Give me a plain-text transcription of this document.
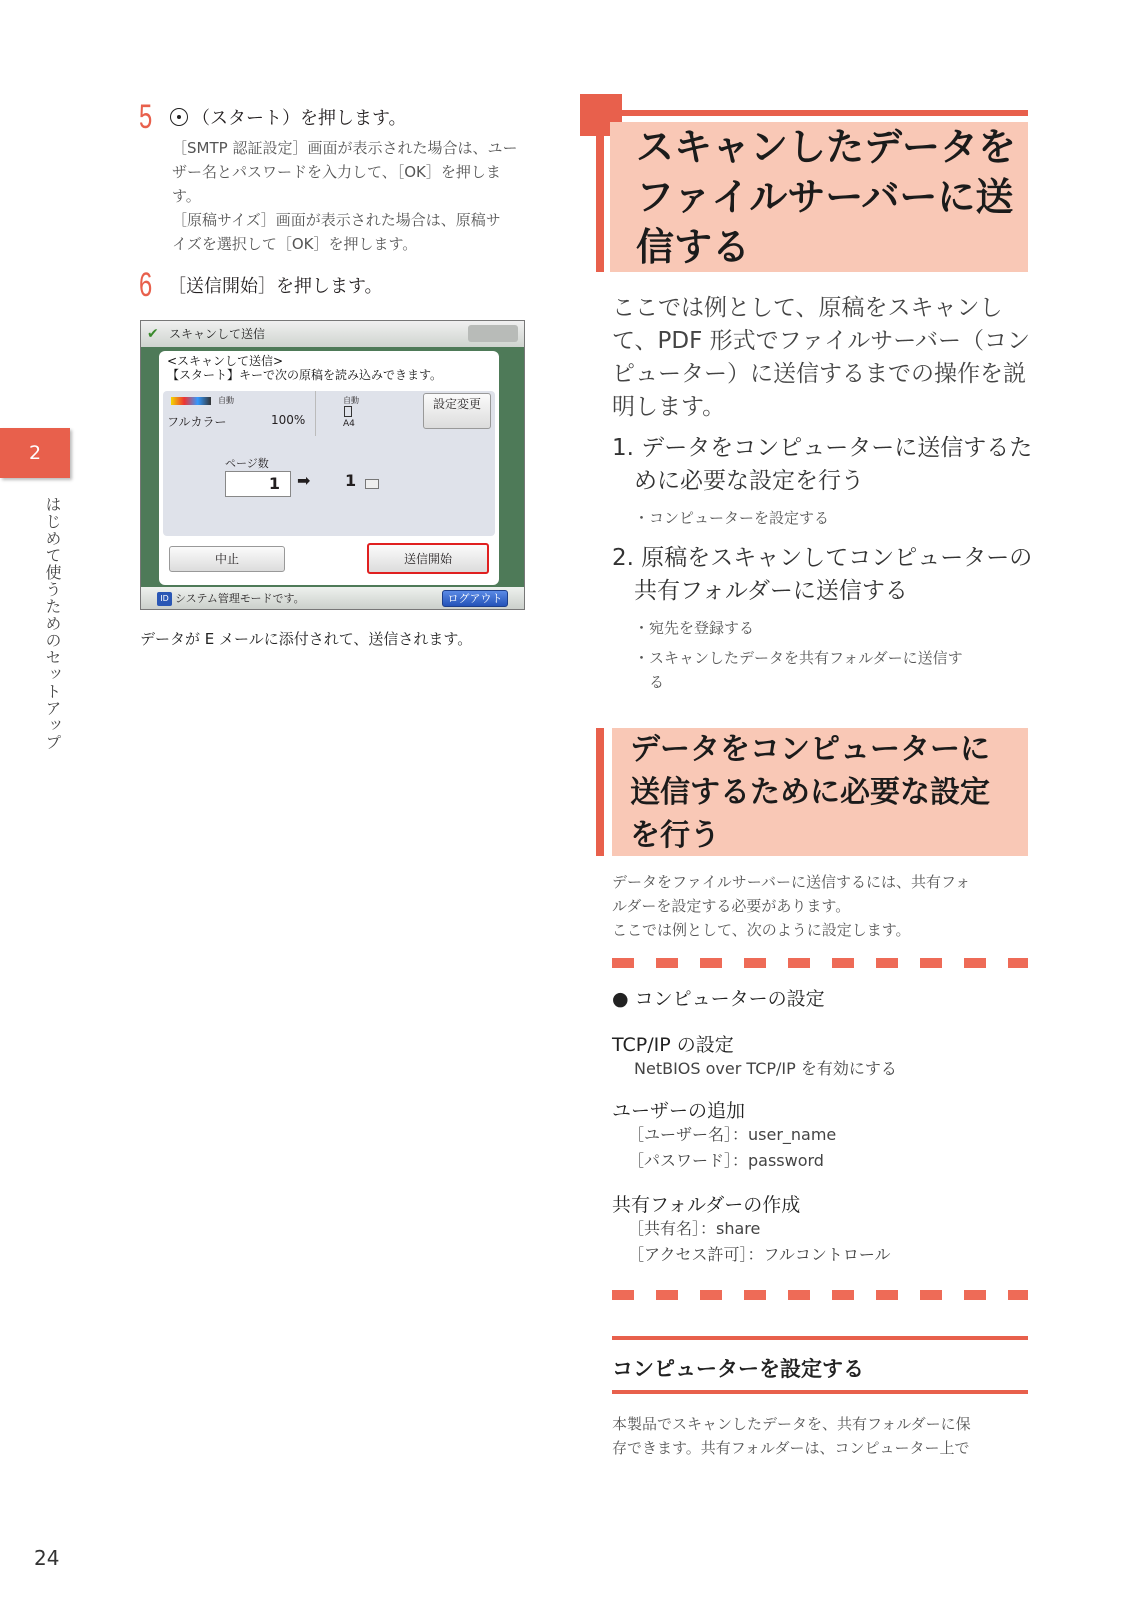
5 （スタート）を押します。
［SMTP 認証設定］画面が表示された場合は、ユー
ザー名とパスワードを入力して、［OK］を押しま
す。
［原稿サイズ］画面が表示された場合は、原稿サ
イズを選択して［OK］を押します。
6 ［送信開始］を押します。
✔ スキャンして送信
<スキャンして送信>
【スタート】キーで次の原稿を読み込みできます。
自動
フルカラー	100%
自動
A4
設定変更
ページ数
1	➡ 1
中止	送信開始
ID システム管理モードです。	ログアウト
データが E メールに添付されて、送信されます。
2
はじめて使うためのセットアップ
スキャンしたデータを
ファイルサーバーに送
信する
ここでは例として、原稿をスキャンし
て、PDF 形式でファイルサーバー（コン
ピューター）に送信するまでの操作を説
明します。
1. データをコンピューターに送信するた
めに必要な設定を行う
・コンピューターを設定する
2. 原稿をスキャンしてコンピューターの
共有フォルダーに送信する
・宛先を登録する
・スキャンしたデータを共有フォルダーに送信す
る
データをコンピューターに
送信するために必要な設定
を行う
データをファイルサーバーに送信するには、共有フォ
ルダーを設定する必要があります。
ここでは例として、次のように設定します。
● コンピューターの設定
TCP/IP の設定
NetBIOS over TCP/IP を有効にする
ユーザーの追加
［ユーザー名］：user_name
［パスワード］：password
共有フォルダーの作成
［共有名］：share
［アクセス許可］：フルコントロール
コンピューターを設定する
本製品でスキャンしたデータを、共有フォルダーに保
存できます。共有フォルダーは、コンピューター上で
24
